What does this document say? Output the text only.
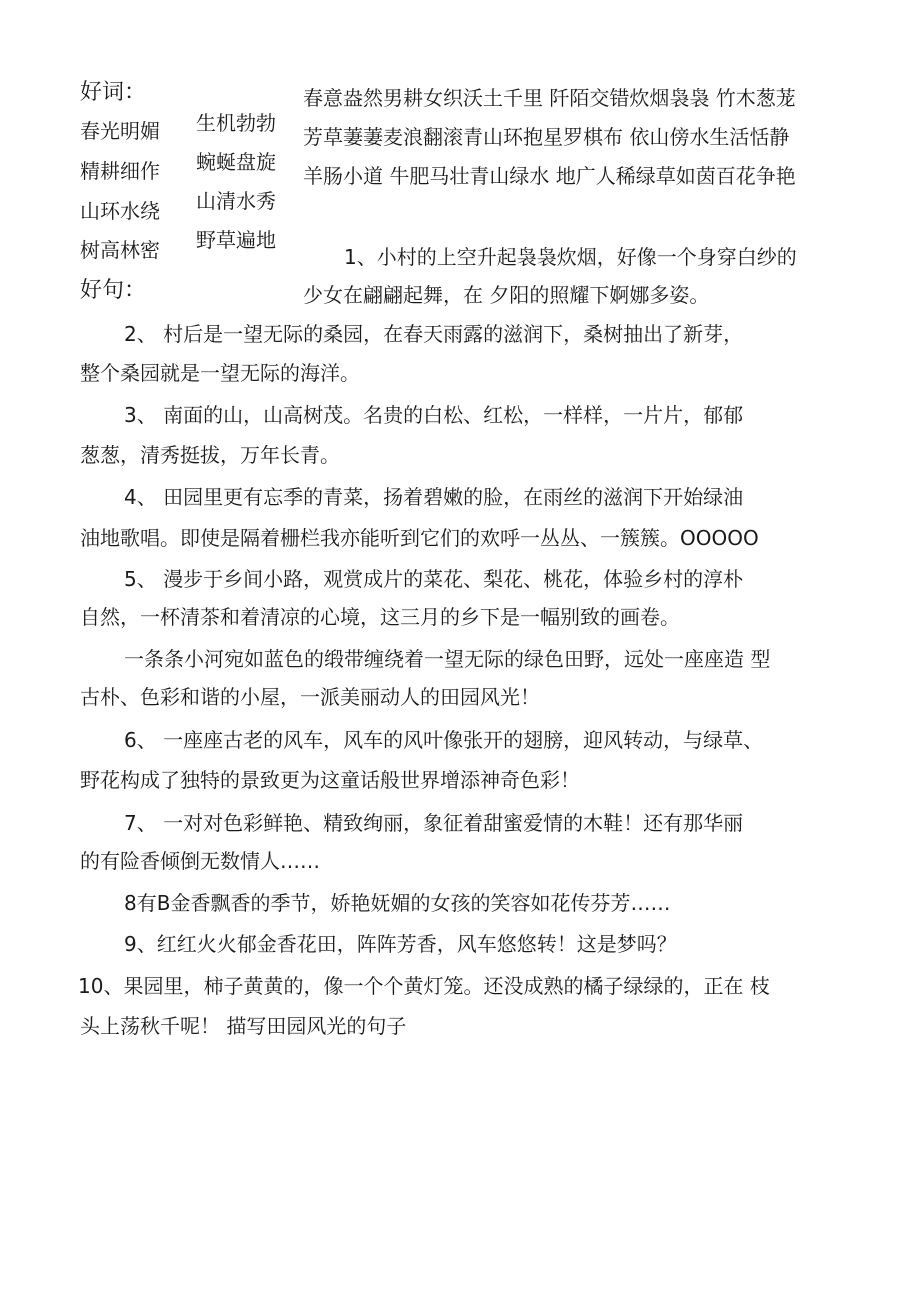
好词：
好句：
春光明媚
精耕细作
山环水绕
树高林密
生机勃勃
蜿蜒盘旋
山清水秀
野草遍地
春意盎然男耕女织沃土千里 阡陌交错炊烟袅袅 竹木葱茏
芳草萋萋麦浪翻滚青山环抱星罗棋布 依山傍水生活恬静
羊肠小道 牛肥马壮青山绿水 地广人稀绿草如茵百花争艳
1、小村的上空升起袅袅炊烟，好像一个身穿白纱的
少女在翩翩起舞，在 夕阳的照耀下婀娜多姿。
2、 村后是一望无际的桑园，在春天雨露的滋润下，桑树抽出了新芽，
整个桑园就是一望无际的海洋。
3、 南面的山，山高树茂。名贵的白松、红松，一样样，一片片，郁郁
葱葱，清秀挺拔，万年长青。
4、 田园里更有忘季的青菜，扬着碧嫩的脸，在雨丝的滋润下开始绿油
油地歌唱。即使是隔着栅栏我亦能听到它们的欢呼一丛丛、一簇簇。OOOOO
5、 漫步于乡间小路，观赏成片的菜花、梨花、桃花，体验乡村的淳朴
自然，一杯清茶和着清凉的心境，这三月的乡下是一幅别致的画卷。
一条条小河宛如蓝色的缎带缠绕着一望无际的绿色田野，远处一座座造 型
古朴、色彩和谐的小屋，一派美丽动人的田园风光！
6、 一座座古老的风车，风车的风叶像张开的翅膀，迎风转动，与绿草、
野花构成了独特的景致更为这童话般世界增添神奇色彩！
7、 一对对色彩鲜艳、精致绚丽，象征着甜蜜爱情的木鞋！还有那华丽
的有险香倾倒无数情人……
8有B金香飘香的季节，娇艳妩媚的女孩的笑容如花传芬芳……
9、红红火火郁金香花田，阵阵芳香，风车悠悠转！这是梦吗？
10、果园里，柿子黄黄的，像一个个黄灯笼。还没成熟的橘子绿绿的，正在 枝
头上荡秋千呢！ 描写田园风光的句子
